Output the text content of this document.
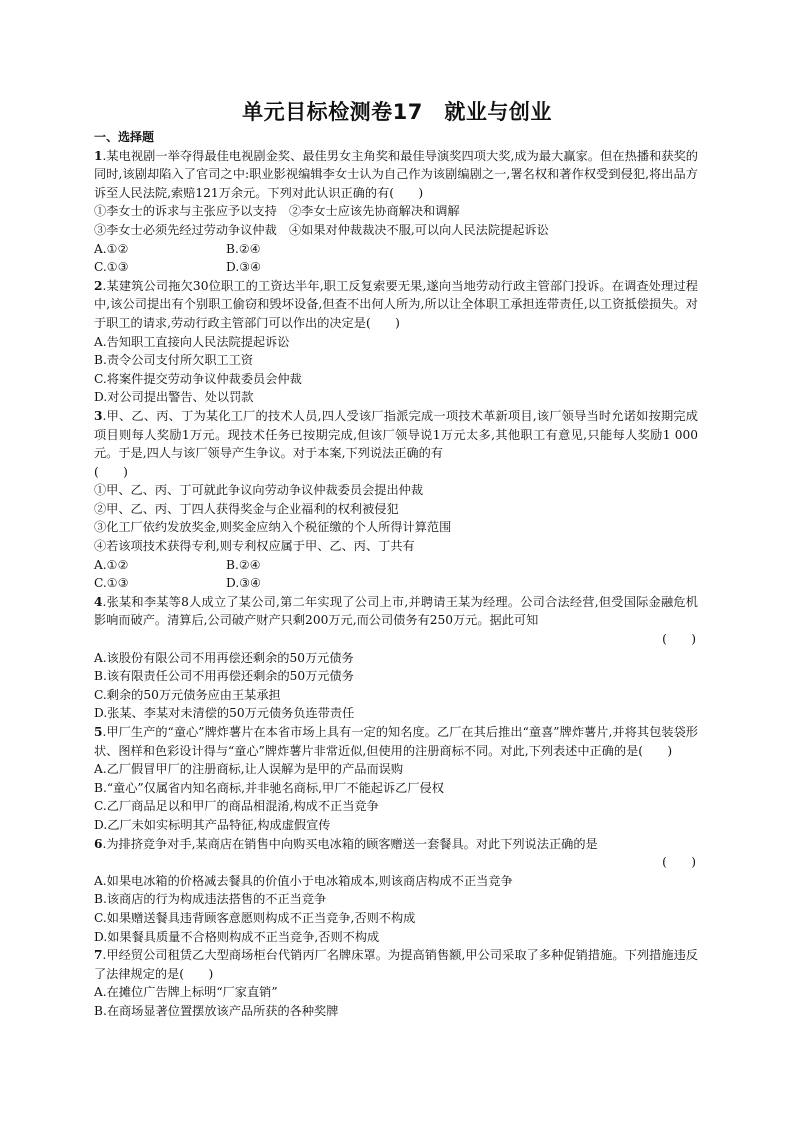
单元目标检测卷17　就业与创业
一、选择题
1.某电视剧一举夺得最佳电视剧金奖、最佳男女主角奖和最佳导演奖四项大奖,成为最大赢家。但在热播和获奖的同时,该剧却陷入了官司之中:职业影视编辑李女士认为自己作为该剧编剧之一,署名权和著作权受到侵犯,将出品方诉至人民法院,索赔121万余元。下列对此认识正确的有(　　)
①李女士的诉求与主张应予以支持　②李女士应该先协商解决和调解
③李女士必须先经过劳动争议仲裁　④如果对仲裁裁决不服,可以向人民法院提起诉讼
A.①②	B.②④
C.①③	D.③④
2.某建筑公司拖欠30位职工的工资达半年,职工反复索要无果,遂向当地劳动行政主管部门投诉。在调查处理过程中,该公司提出有个别职工偷窃和毁坏设备,但查不出何人所为,所以让全体职工承担连带责任,以工资抵偿损失。对于职工的请求,劳动行政主管部门可以作出的决定是(　　)
A.告知职工直接向人民法院提起诉讼
B.责令公司支付所欠职工工资
C.将案件提交劳动争议仲裁委员会仲裁
D.对公司提出警告、处以罚款
3.甲、乙、丙、丁为某化工厂的技术人员,四人受该厂指派完成一项技术革新项目,该厂领导当时允诺如按期完成项目则每人奖励1万元。现技术任务已按期完成,但该厂领导说1万元太多,其他职工有意见,只能每人奖励1 000元。于是,四人与该厂领导产生争议。对于本案,下列说法正确的有
(　　)
①甲、乙、丙、丁可就此争议向劳动争议仲裁委员会提出仲裁
②甲、乙、丙、丁四人获得奖金与企业福利的权利被侵犯
③化工厂依约发放奖金,则奖金应纳入个税征缴的个人所得计算范围
④若该项技术获得专利,则专利权应属于甲、乙、丙、丁共有
A.①②	B.②④
C.①③	D.③④
4.张某和李某等8人成立了某公司,第二年实现了公司上市,并聘请王某为经理。公司合法经营,但受国际金融危机影响而破产。清算后,公司破产财产只剩200万元,而公司债务有250万元。据此可知
(　　)
A.该股份有限公司不用再偿还剩余的50万元债务
B.该有限责任公司不用再偿还剩余的50万元债务
C.剩余的50万元债务应由王某承担
D.张某、李某对未清偿的50万元债务负连带责任
5.甲厂生产的“童心”牌炸薯片在本省市场上具有一定的知名度。乙厂在其后推出“童喜”牌炸薯片,并将其包装袋形状、图样和色彩设计得与“童心”牌炸薯片非常近似,但使用的注册商标不同。对此,下列表述中正确的是(　　)
A.乙厂假冒甲厂的注册商标,让人误解为是甲的产品而误购
B.“童心”仅属省内知名商标,并非驰名商标,甲厂不能起诉乙厂侵权
C.乙厂商品足以和甲厂的商品相混淆,构成不正当竞争
D.乙厂未如实标明其产品特征,构成虚假宣传
6.为排挤竞争对手,某商店在销售中向购买电冰箱的顾客赠送一套餐具。对此下列说法正确的是
(　　)
A.如果电冰箱的价格减去餐具的价值小于电冰箱成本,则该商店构成不正当竞争
B.该商店的行为构成违法搭售的不正当竞争
C.如果赠送餐具违背顾客意愿则构成不正当竞争,否则不构成
D.如果餐具质量不合格则构成不正当竞争,否则不构成
7.甲经贸公司租赁乙大型商场柜台代销丙厂名牌床罩。为提高销售额,甲公司采取了多种促销措施。下列措施违反了法律规定的是(　　)
A.在摊位广告牌上标明“厂家直销”
B.在商场显著位置摆放该产品所获的各种奖牌
